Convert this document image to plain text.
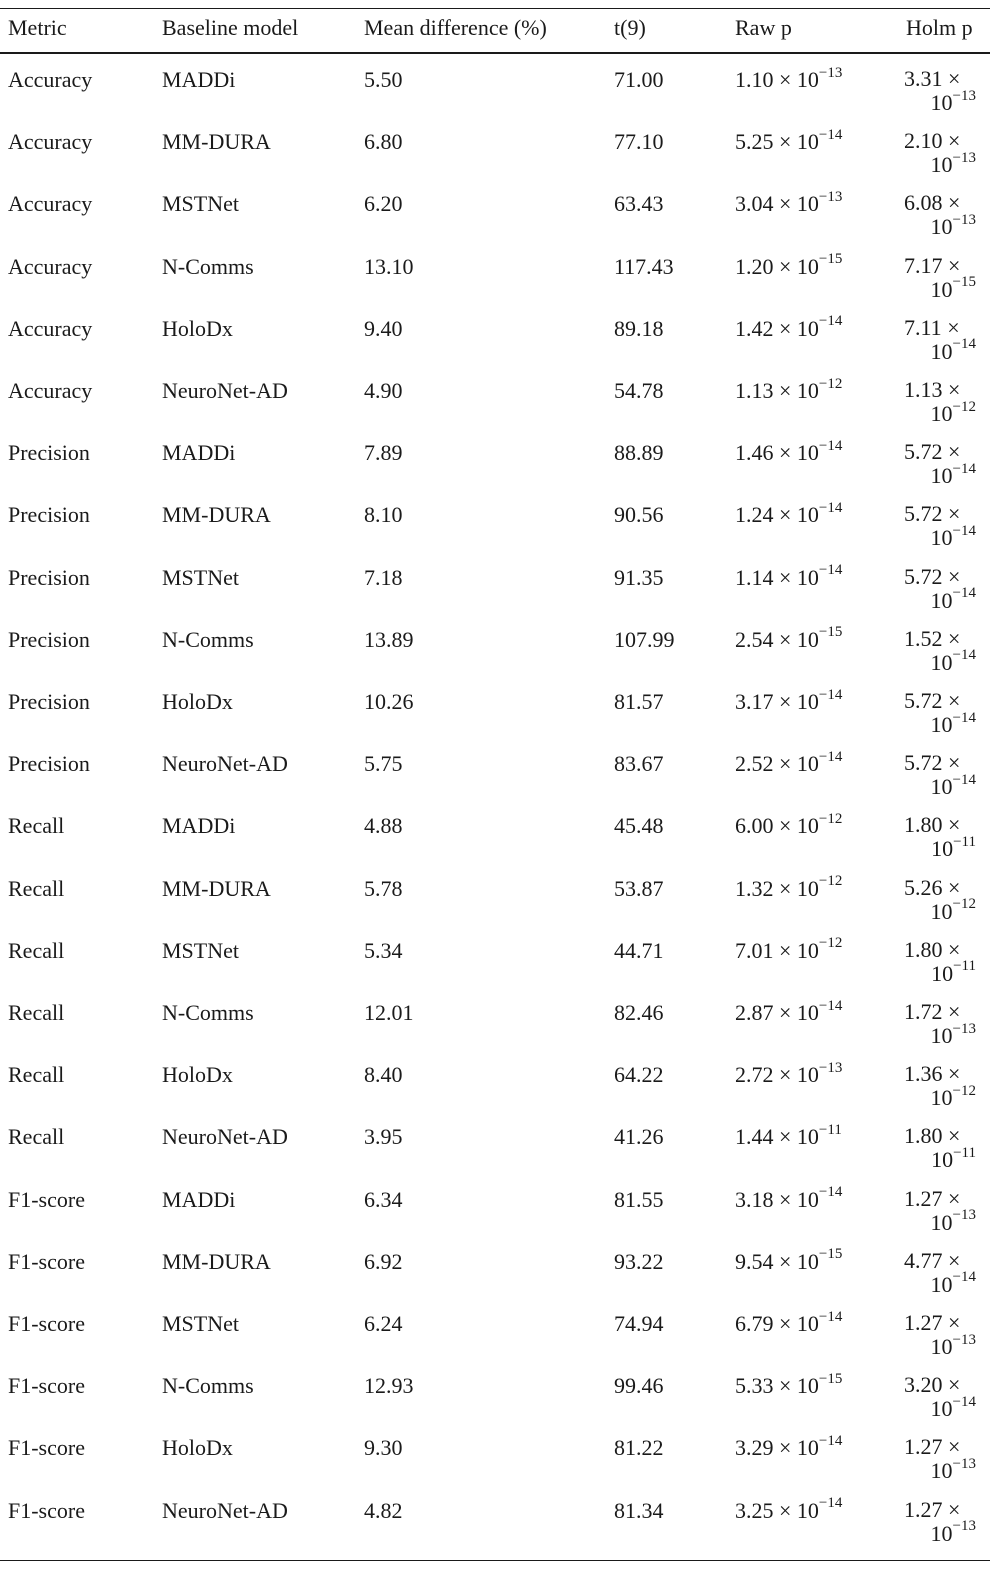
Metric	Baseline model	Mean difference (%)	t(9)	Raw p	Holm p
Accuracy	MADDi	5.50	71.00	$1.10 \times 10^{-13}$	3.31 ×
$10^{-13}$
Accuracy	MM-DURA	6.80	77.10	$5.25 \times 10^{-14}$	2.10 ×
$10^{-13}$
Accuracy	MSTNet	6.20	63.43	$3.04 \times 10^{-13}$	6.08 ×
$10^{-13}$
Accuracy	N-Comms	13.10	117.43	$1.20 \times 10^{-15}$	7.17 ×
$10^{-15}$
Accuracy	HoloDx	9.40	89.18	$1.42 \times 10^{-14}$	7.11 ×
$10^{-14}$
Accuracy	NeuroNet-AD	4.90	54.78	$1.13 \times 10^{-12}$	1.13 ×
$10^{-12}$
Precision	MADDi	7.89	88.89	$1.46 \times 10^{-14}$	5.72 ×
$10^{-14}$
Precision	MM-DURA	8.10	90.56	$1.24 \times 10^{-14}$	5.72 ×
$10^{-14}$
Precision	MSTNet	7.18	91.35	$1.14 \times 10^{-14}$	5.72 ×
$10^{-14}$
Precision	N-Comms	13.89	107.99	$2.54 \times 10^{-15}$	1.52 ×
$10^{-14}$
Precision	HoloDx	10.26	81.57	$3.17 \times 10^{-14}$	5.72 ×
$10^{-14}$
Precision	NeuroNet-AD	5.75	83.67	$2.52 \times 10^{-14}$	5.72 ×
$10^{-14}$
Recall	MADDi	4.88	45.48	$6.00 \times 10^{-12}$	1.80 ×
$10^{-11}$
Recall	MM-DURA	5.78	53.87	$1.32 \times 10^{-12}$	5.26 ×
$10^{-12}$
Recall	MSTNet	5.34	44.71	$7.01 \times 10^{-12}$	1.80 ×
$10^{-11}$
Recall	N-Comms	12.01	82.46	$2.87 \times 10^{-14}$	1.72 ×
$10^{-13}$
Recall	HoloDx	8.40	64.22	$2.72 \times 10^{-13}$	1.36 ×
$10^{-12}$
Recall	NeuroNet-AD	3.95	41.26	$1.44 \times 10^{-11}$	1.80 ×
$10^{-11}$
F1-score	MADDi	6.34	81.55	$3.18 \times 10^{-14}$	1.27 ×
$10^{-13}$
F1-score	MM-DURA	6.92	93.22	$9.54 \times 10^{-15}$	4.77 ×
$10^{-14}$
F1-score	MSTNet	6.24	74.94	$6.79 \times 10^{-14}$	1.27 ×
$10^{-13}$
F1-score	N-Comms	12.93	99.46	$5.33 \times 10^{-15}$	3.20 ×
$10^{-14}$
F1-score	HoloDx	9.30	81.22	$3.29 \times 10^{-14}$	1.27 ×
$10^{-13}$
F1-score	NeuroNet-AD	4.82	81.34	$3.25 \times 10^{-14}$	1.27 ×
$10^{-13}$
